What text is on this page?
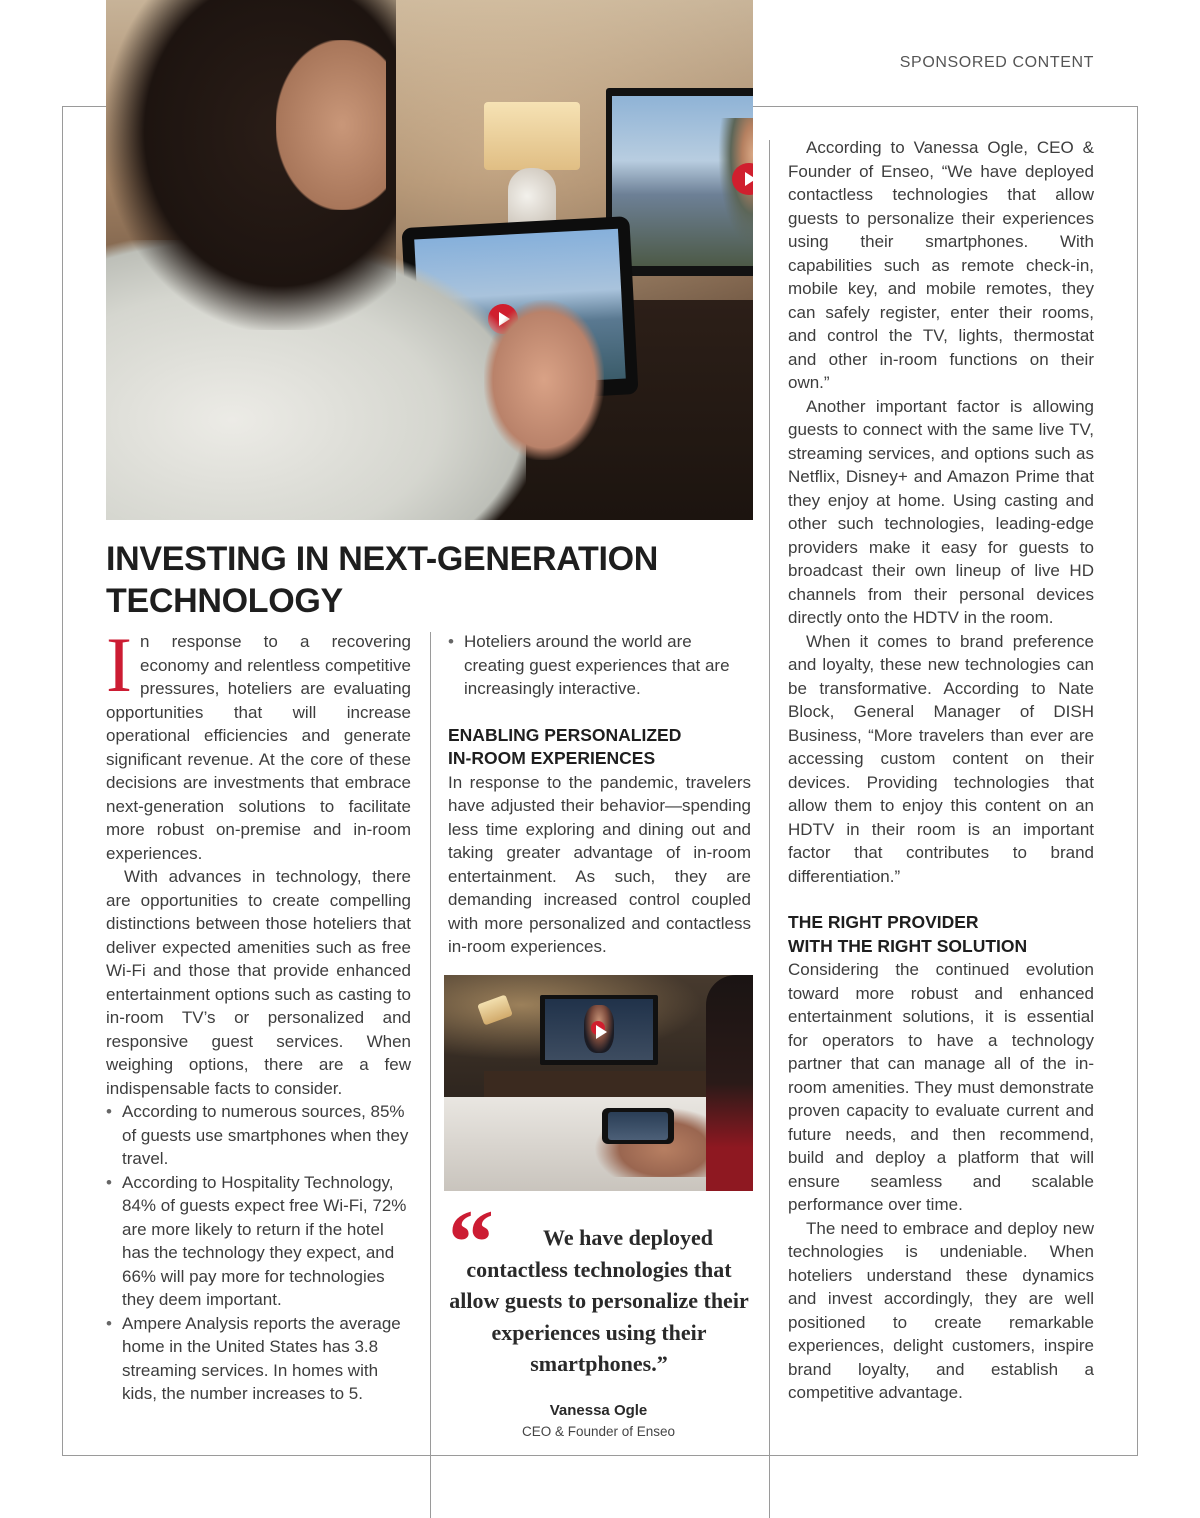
SPONSORED CONTENT
INVESTING IN NEXT-GENERATION
TECHNOLOGY

In response to a recovering economy and relentless competitive pressures, hoteliers are evaluating opportunities that will increase operational efficiencies and generate significant revenue. At the core of these decisions are investments that embrace next-generation solutions to facilitate more robust on-premise and in-room experiences.

With advances in technology, there are opportunities to create compelling distinctions between those hoteliers that deliver expected amenities such as free Wi-Fi and those that provide enhanced entertainment options such as casting to in-room TV’s or personalized and responsive guest services. When weighing options, there are a few indispensable facts to consider.

• According to numerous sources, 85% of guests use smartphones when they travel.
• According to Hospitality Technology, 84% of guests expect free Wi-Fi, 72% are more likely to return if the hotel has the technology they expect, and 66% will pay more for technologies they deem important.
• Ampere Analysis reports the average home in the United States has 3.8 streaming services. In homes with kids, the number increases to 5.
• Hoteliers around the world are creating guest experiences that are increasingly interactive.
ENABLING PERSONALIZED
IN-ROOM EXPERIENCES

In response to the pandemic, travelers have adjusted their behavior—spending less time exploring and dining out and taking greater advantage of in-room entertainment. As such, they are demanding increased control coupled with more personalized and contactless in-room experiences.

“	We have deployed contactless technologies that allow guests to personalize their experiences using their smartphones.”
Vanessa Ogle
CEO & Founder of Enseo

According to Vanessa Ogle, CEO & Founder of Enseo, “We have deployed contactless technologies that allow guests to personalize their experiences using their smartphones. With capabilities such as remote check-in, mobile key, and mobile remotes, they can safely register, enter their rooms, and control the TV, lights, thermostat and other in-room functions on their own.”

Another important factor is allowing guests to connect with the same live TV, streaming services, and options such as Netflix, Disney+ and Amazon Prime that they enjoy at home. Using casting and other such technologies, leading-edge providers make it easy for guests to broadcast their own lineup of live HD channels from their personal devices directly onto the HDTV in the room.

When it comes to brand preference and loyalty, these new technologies can be transformative. According to Nate Block, General Manager of DISH Business, “More travelers than ever are accessing custom content on their devices. Providing technologies that allow them to enjoy this content on an HDTV in their room is an important factor that contributes to brand differentiation.”

THE RIGHT PROVIDER
WITH THE RIGHT SOLUTION

Considering the continued evolution toward more robust and enhanced entertainment solutions, it is essential for operators to have a technology partner that can manage all of the in-room amenities. They must demonstrate proven capacity to evaluate current and future needs, and then recommend, build and deploy a platform that will ensure seamless and scalable performance over time.

The need to embrace and deploy new technologies is undeniable. When hoteliers understand these dynamics and invest accordingly, they are well positioned to create remarkable experiences, delight customers, inspire brand loyalty, and establish a competitive advantage.
